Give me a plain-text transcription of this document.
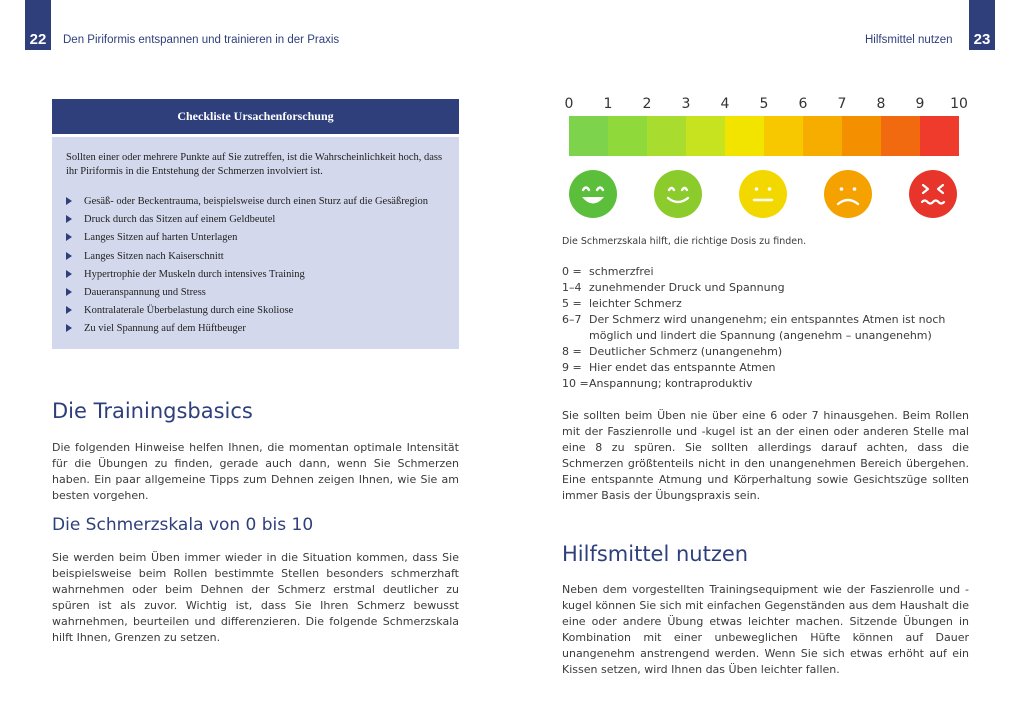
22	Den Piriformis entspannen und trainieren in der Praxis
Checkliste Ursachenforschung

Sollten einer oder mehrere Punkte auf Sie zutreffen, ist die Wahrscheinlichkeit hoch, dass ihr Piriformis in die Entstehung der Schmerzen involviert ist.

Gesäß- oder Beckentrauma, beispielsweise durch einen Sturz auf die Gesäßregion
Druck durch das Sitzen auf einem Geldbeutel
Langes Sitzen auf harten Unterlagen
Langes Sitzen nach Kaiserschnitt
Hypertrophie der Muskeln durch intensives Training
Daueranspannung und Stress
Kontralaterale Überbelastung durch eine Skoliose
Zu viel Spannung auf dem Hüftbeuger
Die Trainingsbasics

Die folgenden Hinweise helfen Ihnen, die momentan optimale Intensität für die Übungen zu finden, gerade auch dann, wenn Sie Schmerzen haben. Ein paar allgemeine Tipps zum Dehnen zeigen Ihnen, wie Sie am besten vorgehen.

Die Schmerzskala von 0 bis 10

Sie werden beim Üben immer wieder in die Situation kommen, dass Sie beispielsweise beim Rollen bestimmte Stellen besonders schmerzhaft wahrnehmen oder beim Dehnen der Schmerz erstmal deutlicher zu spüren ist als zuvor. Wichtig ist, dass Sie Ihren Schmerz bewusst wahrnehmen, beurteilen und differenzieren. Die folgende Schmerzskala hilft Ihnen, Grenzen zu setzen.

Hilfsmittel nutzen	23
0 1 2 3 4 5 6 7 8 9 10
Die Schmerzskala hilft, die richtige Dosis zu finden.
0 = schmerzfrei
1–4 zunehmender Druck und Spannung
5 = leichter Schmerz
6–7 Der Schmerz wird unangenehm; ein entspanntes Atmen ist noch möglich und lindert die Spannung (angenehm – unangenehm)
8 = Deutlicher Schmerz (unangenehm)
9 = Hier endet das entspannte Atmen
10 = Anspannung; kontraproduktiv

Sie sollten beim Üben nie über eine 6 oder 7 hinausgehen. Beim Rollen mit der Faszienrolle und -kugel ist an der einen oder anderen Stelle mal eine 8 zu spüren. Sie sollten allerdings darauf achten, dass die Schmerzen größtenteils nicht in den unangenehmen Bereich übergehen. Eine entspannte Atmung und Körperhaltung sowie Gesichtszüge sollten immer Basis der Übungspraxis sein.

Hilfsmittel nutzen

Neben dem vorgestellten Trainingsequipment wie der Faszienrolle und -kugel können Sie sich mit einfachen Gegenständen aus dem Haushalt die eine oder andere Übung etwas leichter machen. Sitzende Übungen in Kombination mit einer unbeweglichen Hüfte können auf Dauer unangenehm anstrengend werden. Wenn Sie sich etwas erhöht auf ein Kissen setzen, wird Ihnen das Üben leichter fallen.
